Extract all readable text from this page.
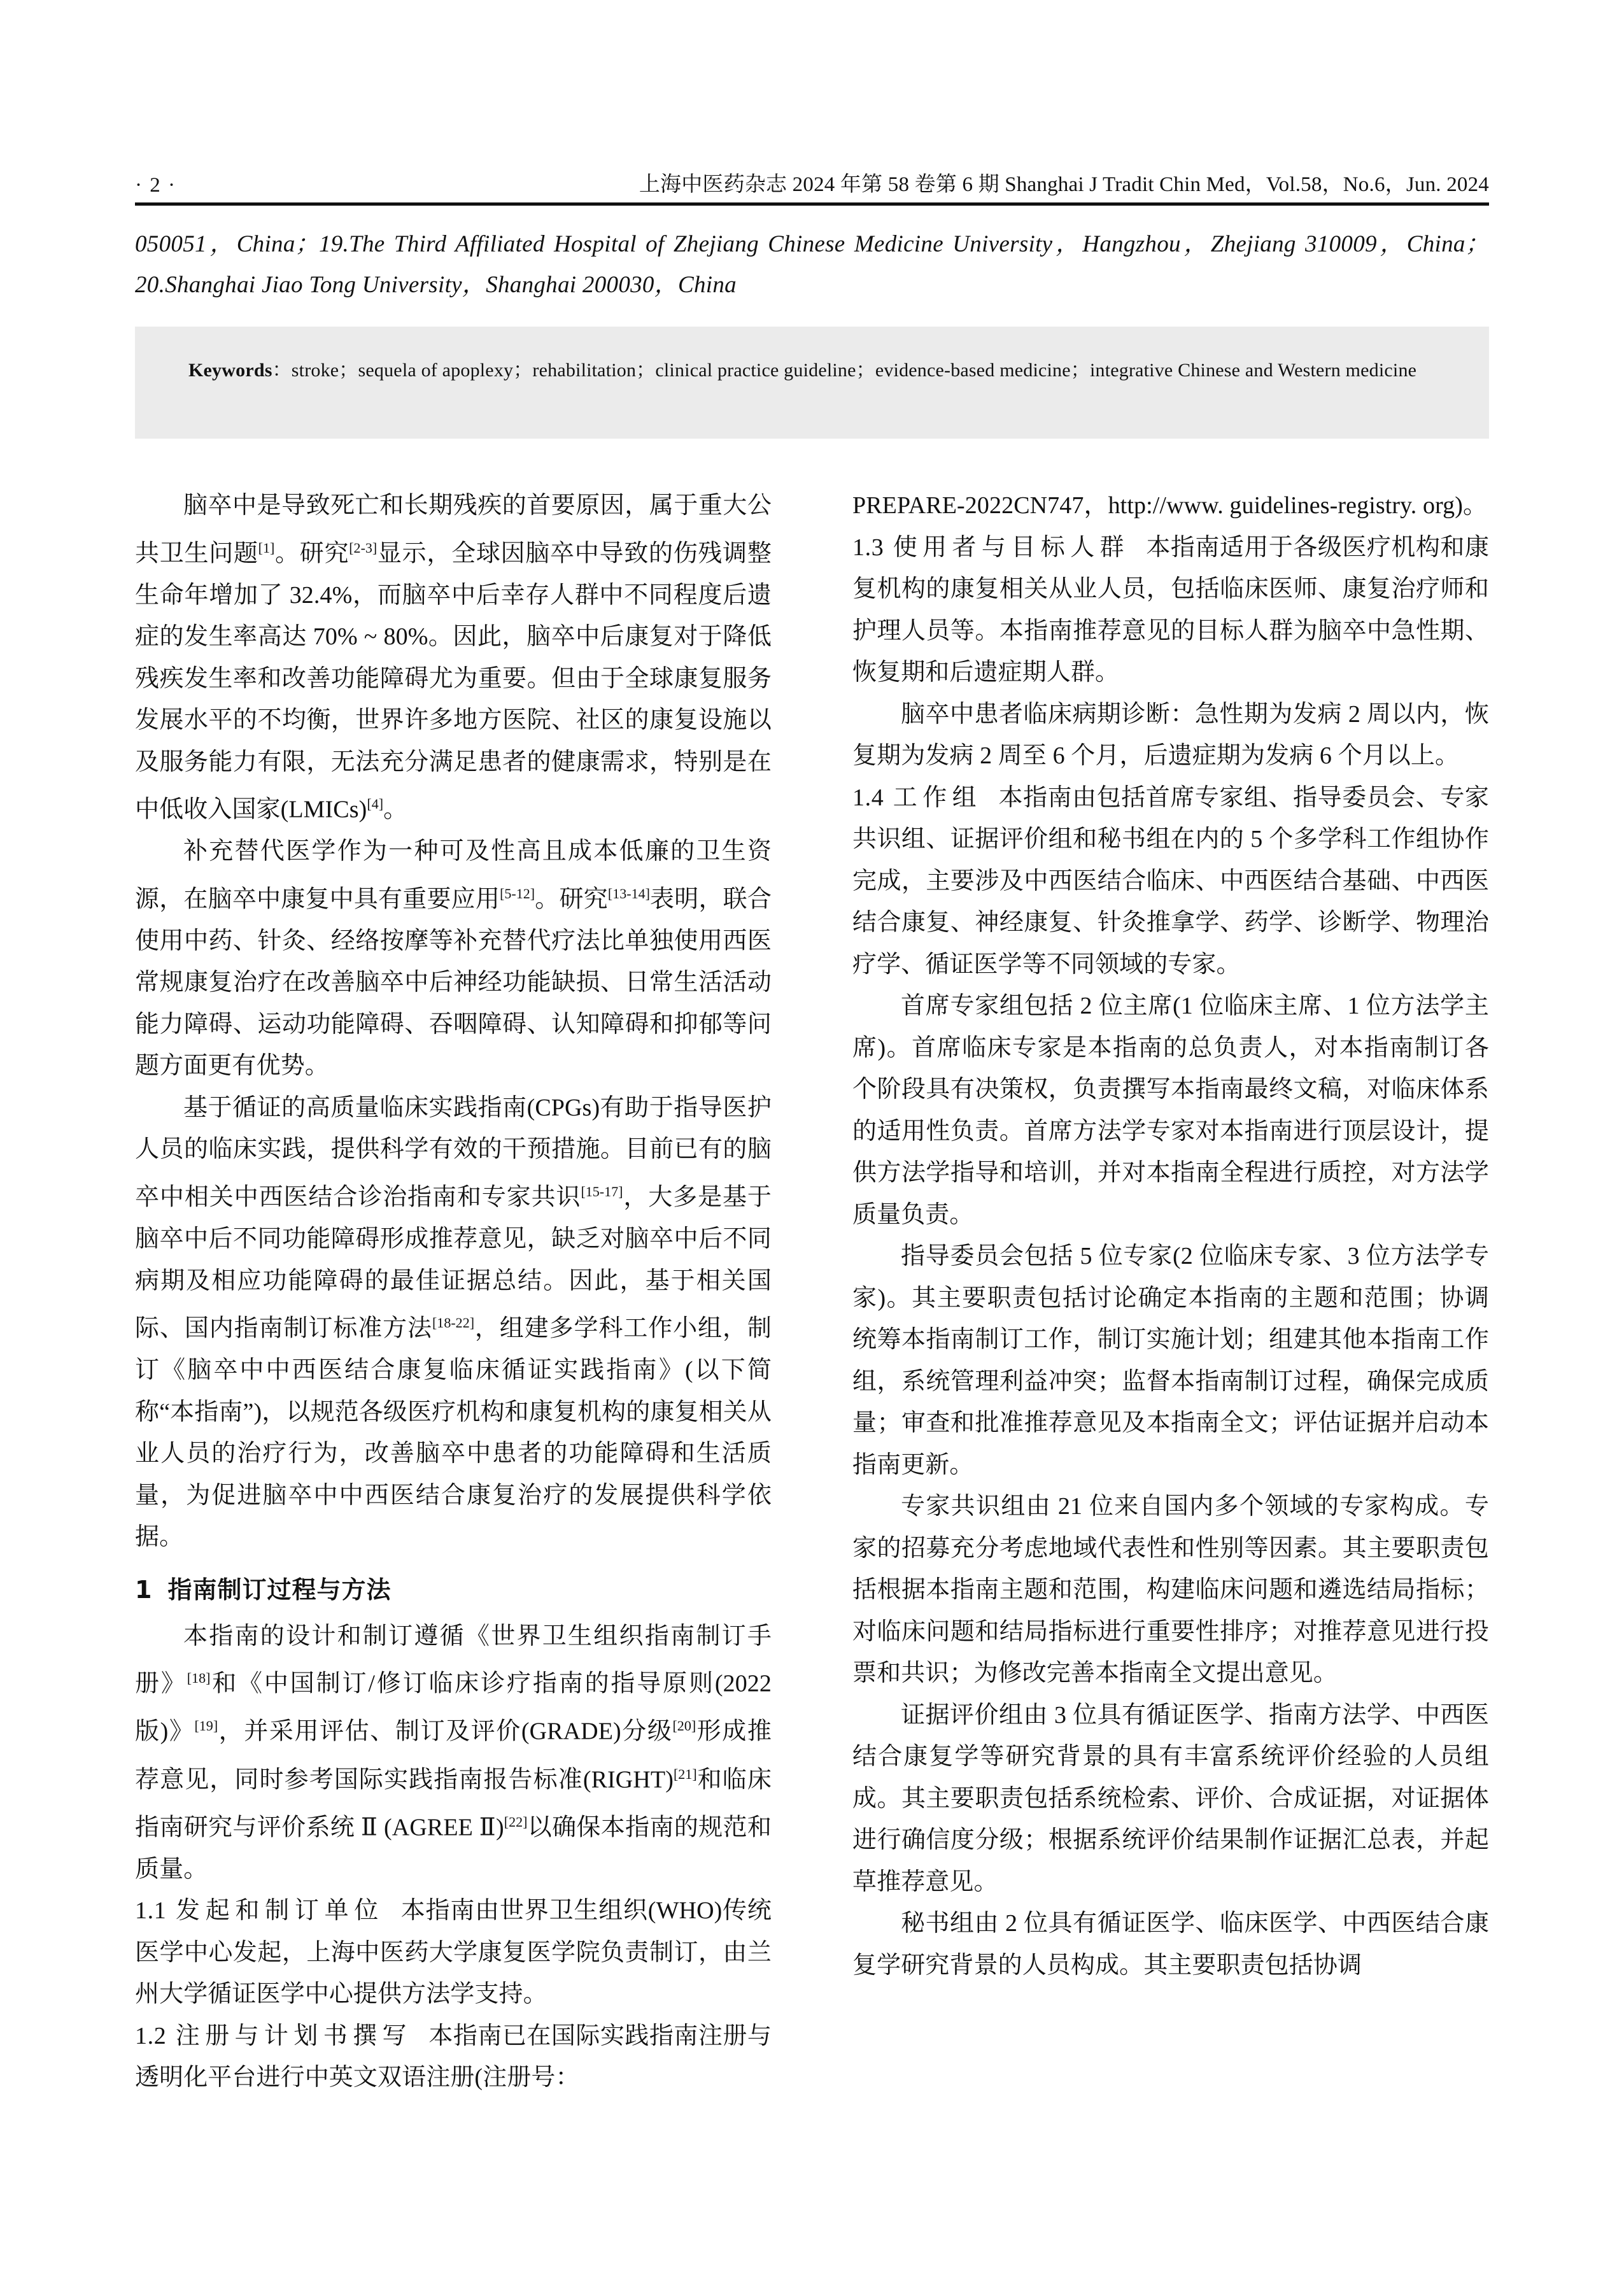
· 2 ·	上海中医药杂志 2024 年第 58 卷第 6 期 Shanghai J Tradit Chin Med，Vol.58，No.6，Jun. 2024
050051，China；19.The Third Affiliated Hospital of Zhejiang Chinese Medicine University，Hangzhou，Zhejiang 310009，China；20.Shanghai Jiao Tong University，Shanghai 200030，China
Keywords：stroke；sequela of apoplexy；rehabilitation；clinical practice guideline；evidence-based medicine；integrative Chinese and Western medicine

脑卒中是导致死亡和长期残疾的首要原因，属于重大公共卫生问题[1]。研究[2-3]显示，全球因脑卒中导致的伤残调整生命年增加了 32.4%，而脑卒中后幸存人群中不同程度后遗症的发生率高达 70% ~ 80%。因此，脑卒中后康复对于降低残疾发生率和改善功能障碍尤为重要。但由于全球康复服务发展水平的不均衡，世界许多地方医院、社区的康复设施以及服务能力有限，无法充分满足患者的健康需求，特别是在中低收入国家(LMICs)[4]。

补充替代医学作为一种可及性高且成本低廉的卫生资源，在脑卒中康复中具有重要应用[5-12]。研究[13-14]表明，联合使用中药、针灸、经络按摩等补充替代疗法比单独使用西医常规康复治疗在改善脑卒中后神经功能缺损、日常生活活动能力障碍、运动功能障碍、吞咽障碍、认知障碍和抑郁等问题方面更有优势。

基于循证的高质量临床实践指南(CPGs)有助于指导医护人员的临床实践，提供科学有效的干预措施。目前已有的脑卒中相关中西医结合诊治指南和专家共识[15-17]，大多是基于脑卒中后不同功能障碍形成推荐意见，缺乏对脑卒中后不同病期及相应功能障碍的最佳证据总结。因此，基于相关国际、国内指南制订标准方法[18-22]，组建多学科工作小组，制订《脑卒中中西医结合康复临床循证实践指南》(以下简称“本指南”)，以规范各级医疗机构和康复机构的康复相关从业人员的治疗行为，改善脑卒中患者的功能障碍和生活质量，为促进脑卒中中西医结合康复治疗的发展提供科学依据。

1 指南制订过程与方法

本指南的设计和制订遵循《世界卫生组织指南制订手册》[18]和《中国制订/修订临床诊疗指南的指导原则(2022 版)》[19]，并采用评估、制订及评价(GRADE)分级[20]形成推荐意见，同时参考国际实践指南报告标准(RIGHT)[21]和临床指南研究与评价系统 Ⅱ (AGREE Ⅱ)[22]以确保本指南的规范和质量。

1.1 发起和制订单位 本指南由世界卫生组织(WHO)传统医学中心发起，上海中医药大学康复医学院负责制订，由兰州大学循证医学中心提供方法学支持。

1.2 注册与计划书撰写 本指南已在国际实践指南注册与透明化平台进行中英文双语注册(注册号：

PREPARE-2022CN747，http://www. guidelines-registry. org)。

1.3 使用者与目标人群 本指南适用于各级医疗机构和康复机构的康复相关从业人员，包括临床医师、康复治疗师和护理人员等。本指南推荐意见的目标人群为脑卒中急性期、恢复期和后遗症期人群。

脑卒中患者临床病期诊断：急性期为发病 2 周以内，恢复期为发病 2 周至 6 个月，后遗症期为发病 6 个月以上。

1.4 工作组 本指南由包括首席专家组、指导委员会、专家共识组、证据评价组和秘书组在内的 5 个多学科工作组协作完成，主要涉及中西医结合临床、中西医结合基础、中西医结合康复、神经康复、针灸推拿学、药学、诊断学、物理治疗学、循证医学等不同领域的专家。

首席专家组包括 2 位主席(1 位临床主席、1 位方法学主席)。首席临床专家是本指南的总负责人，对本指南制订各个阶段具有决策权，负责撰写本指南最终文稿，对临床体系的适用性负责。首席方法学专家对本指南进行顶层设计，提供方法学指导和培训，并对本指南全程进行质控，对方法学质量负责。

指导委员会包括 5 位专家(2 位临床专家、3 位方法学专家)。其主要职责包括讨论确定本指南的主题和范围；协调统筹本指南制订工作，制订实施计划；组建其他本指南工作组，系统管理利益冲突；监督本指南制订过程，确保完成质量；审查和批准推荐意见及本指南全文；评估证据并启动本指南更新。

专家共识组由 21 位来自国内多个领域的专家构成。专家的招募充分考虑地域代表性和性别等因素。其主要职责包括根据本指南主题和范围，构建临床问题和遴选结局指标；对临床问题和结局指标进行重要性排序；对推荐意见进行投票和共识；为修改完善本指南全文提出意见。

证据评价组由 3 位具有循证医学、指南方法学、中西医结合康复学等研究背景的具有丰富系统评价经验的人员组成。其主要职责包括系统检索、评价、合成证据，对证据体进行确信度分级；根据系统评价结果制作证据汇总表，并起草推荐意见。

秘书组由 2 位具有循证医学、临床医学、中西医结合康复学研究背景的人员构成。其主要职责包括协调
